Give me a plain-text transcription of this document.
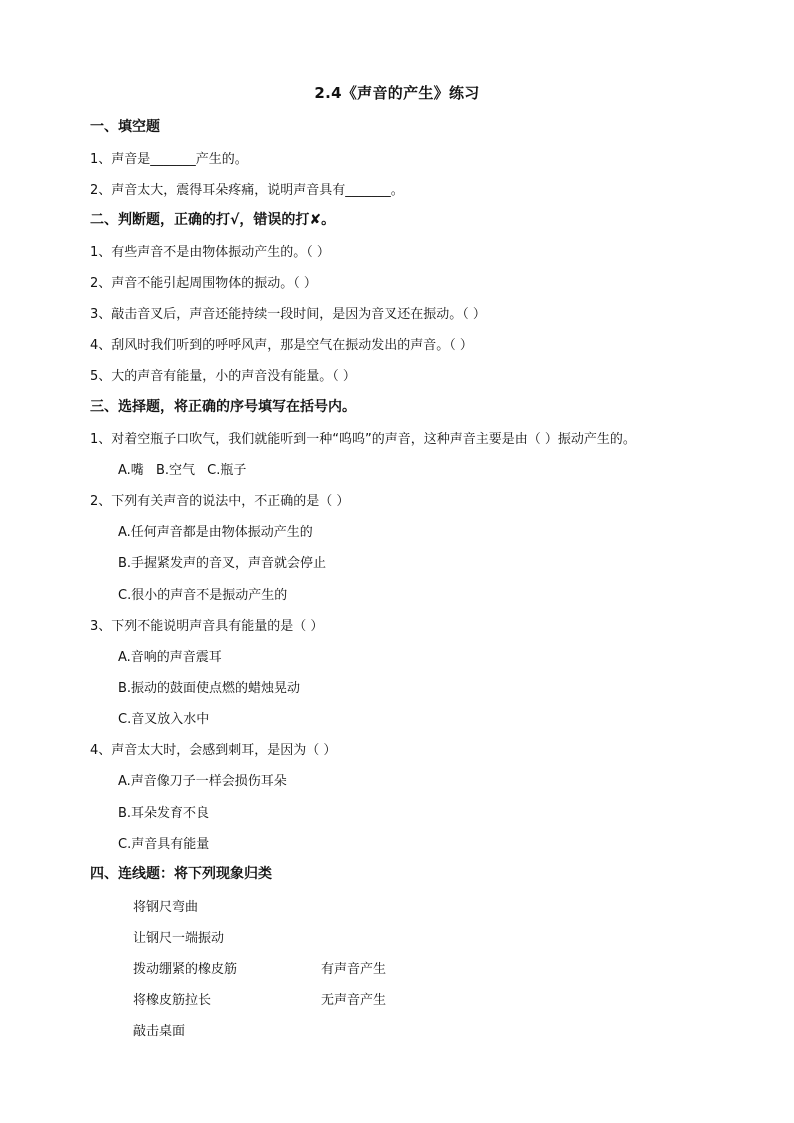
2.4《声音的产生》练习
一、填空题
1、声音是_______产生的。
2、声音太大，震得耳朵疼痛，说明声音具有_______。
二、判断题，正确的打√，错误的打✘。
1、有些声音不是由物体振动产生的。（ ）
2、声音不能引起周围物体的振动。（ ）
3、敲击音叉后，声音还能持续一段时间，是因为音叉还在振动。（ ）
4、刮风时我们听到的呼呼风声，那是空气在振动发出的声音。（ ）
5、大的声音有能量，小的声音没有能量。（ ）
三、选择题，将正确的序号填写在括号内。
1、对着空瓶子口吹气，我们就能听到一种“呜呜”的声音，这种声音主要是由（ ）振动产生的。
A.嘴 B.空气 C.瓶子
2、下列有关声音的说法中，不正确的是（ ）
A.任何声音都是由物体振动产生的
B.手握紧发声的音叉，声音就会停止
C.很小的声音不是振动产生的
3、下列不能说明声音具有能量的是（ ）
A.音响的声音震耳
B.振动的鼓面使点燃的蜡烛晃动
C.音叉放入水中
4、声音太大时，会感到刺耳，是因为（ ）
A.声音像刀子一样会损伤耳朵
B.耳朵发育不良
C.声音具有能量
四、连线题：将下列现象归类
将钢尺弯曲
让钢尺一端振动
拨动绷紧的橡皮筋
将橡皮筋拉长
敲击桌面
有声音产生
无声音产生
